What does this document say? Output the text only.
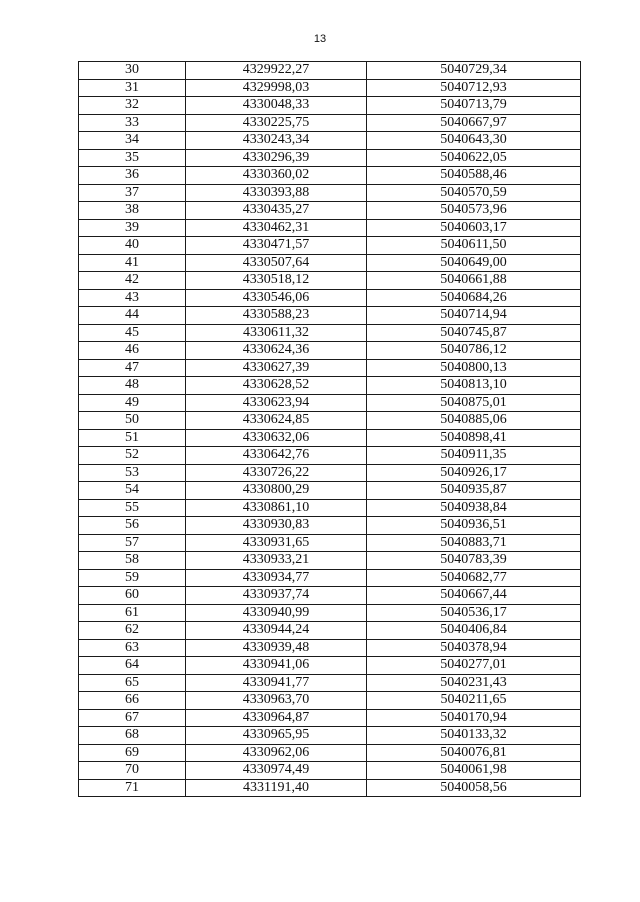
13
30	4329922,27	5040729,34
31	4329998,03	5040712,93
32	4330048,33	5040713,79
33	4330225,75	5040667,97
34	4330243,34	5040643,30
35	4330296,39	5040622,05
36	4330360,02	5040588,46
37	4330393,88	5040570,59
38	4330435,27	5040573,96
39	4330462,31	5040603,17
40	4330471,57	5040611,50
41	4330507,64	5040649,00
42	4330518,12	5040661,88
43	4330546,06	5040684,26
44	4330588,23	5040714,94
45	4330611,32	5040745,87
46	4330624,36	5040786,12
47	4330627,39	5040800,13
48	4330628,52	5040813,10
49	4330623,94	5040875,01
50	4330624,85	5040885,06
51	4330632,06	5040898,41
52	4330642,76	5040911,35
53	4330726,22	5040926,17
54	4330800,29	5040935,87
55	4330861,10	5040938,84
56	4330930,83	5040936,51
57	4330931,65	5040883,71
58	4330933,21	5040783,39
59	4330934,77	5040682,77
60	4330937,74	5040667,44
61	4330940,99	5040536,17
62	4330944,24	5040406,84
63	4330939,48	5040378,94
64	4330941,06	5040277,01
65	4330941,77	5040231,43
66	4330963,70	5040211,65
67	4330964,87	5040170,94
68	4330965,95	5040133,32
69	4330962,06	5040076,81
70	4330974,49	5040061,98
71	4331191,40	5040058,56
